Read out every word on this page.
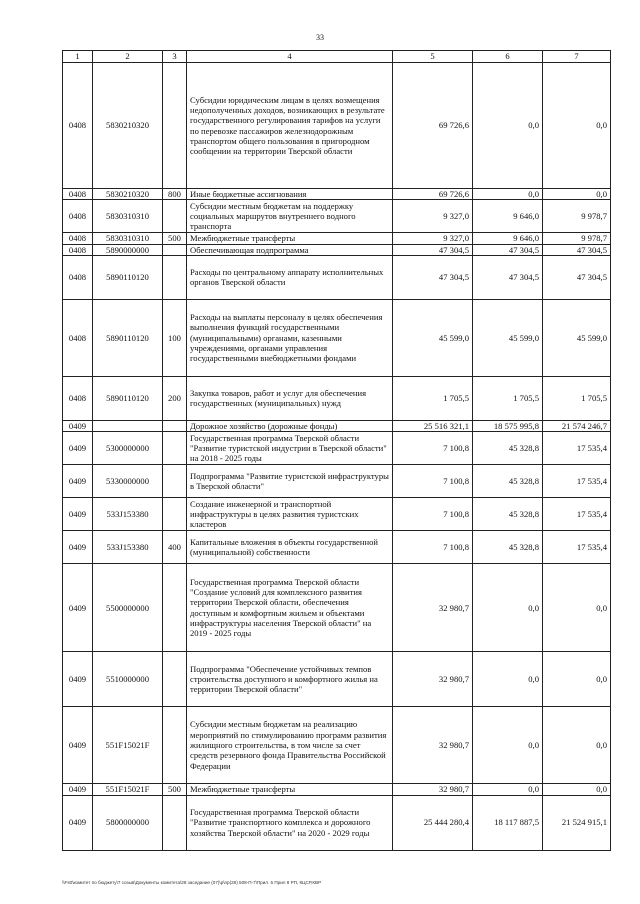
33
1	2	3	4	5	6	7
0408	5830210320		Субсидии юридическим лицам в целях возмещения недополученных доходов, возникающих в результате государственного регулирования тарифов на услуги по перевозке пассажиров железнодорожным транспортом общего пользования в пригородном сообщении на территории Тверской области	69 726,6	0,0	0,0
0408	5830210320	800	Иные бюджетные ассигнования	69 726,6	0,0	0,0
0408	5830310310		Субсидии местным бюджетам на поддержку социальных маршрутов внутреннего водного транспорта	9 327,0	9 646,0	9 978,7
0408	5830310310	500	Межбюджетные трансферты	9 327,0	9 646,0	9 978,7
0408	5890000000		Обеспечивающая подпрограмма	47 304,5	47 304,5	47 304,5
0408	5890110120		Расходы по центральному аппарату исполнительных органов Тверской области	47 304,5	47 304,5	47 304,5
0408	5890110120	100	Расходы на выплаты персоналу в целях обеспечения выполнения функций государственными (муниципальными) органами, казенными учреждениями, органами управления государственными внебюджетными фондами	45 599,0	45 599,0	45 599,0
0408	5890110120	200	Закупка товаров, работ и услуг для обеспечения государственных (муниципальных) нужд	1 705,5	1 705,5	1 705,5
0409			Дорожное хозяйство (дорожные фонды)	25 516 321,1	18 575 995,8	21 574 246,7
0409	5300000000		Государственная программа Тверской области "Развитие туристской индустрии в Тверской области" на 2018 - 2025 годы	7 100,8	45 328,8	17 535,4
0409	5330000000		Подпрограмма "Развитие туристской инфраструктуры в Тверской области"	7 100,8	45 328,8	17 535,4
0409	533J153380		Создание инженерной и транспортной инфраструктуры в целях развития туристских кластеров	7 100,8	45 328,8	17 535,4
0409	533J153380	400	Капитальные вложения в объекты государственной (муниципальной) собственности	7 100,8	45 328,8	17 535,4
0409	5500000000		Государственная программа Тверской области "Создание условий для комплексного развития территории Тверской области, обеспечения доступным и комфортным жильем и объектами инфраструктуры населения Тверской области" на 2019 - 2025 годы	32 980,7	0,0	0,0
0409	5510000000		Подпрограмма "Обеспечение устойчивых темпов строительства доступного и комфортного жилья на территории Тверской области"	32 980,7	0,0	0,0
0409	551F15021F		Субсидии местным бюджетам на реализацию мероприятий по стимулированию программ развития жилищного строительства, в том числе за счет средств резервного фонда Правительства Российской Федерации	32 980,7	0,0	0,0
0409	551F15021F	500	Межбюджетные трансферты	32 980,7	0,0	0,0
0409	5800000000		Государственная программа Тверской области "Развитие транспортного комплекса и дорожного хозяйства Тверской области" на 2020 - 2029 годы	25 444 280,4	18 117 887,5	21 524 915,1
\\Fs0\комитет по бюджету\7 созыв\Документы комитета\28 заседание (07)\p\пр(28) 508-П-7\Прил. 5 Прил 8 РП, КЦСР,КВР
